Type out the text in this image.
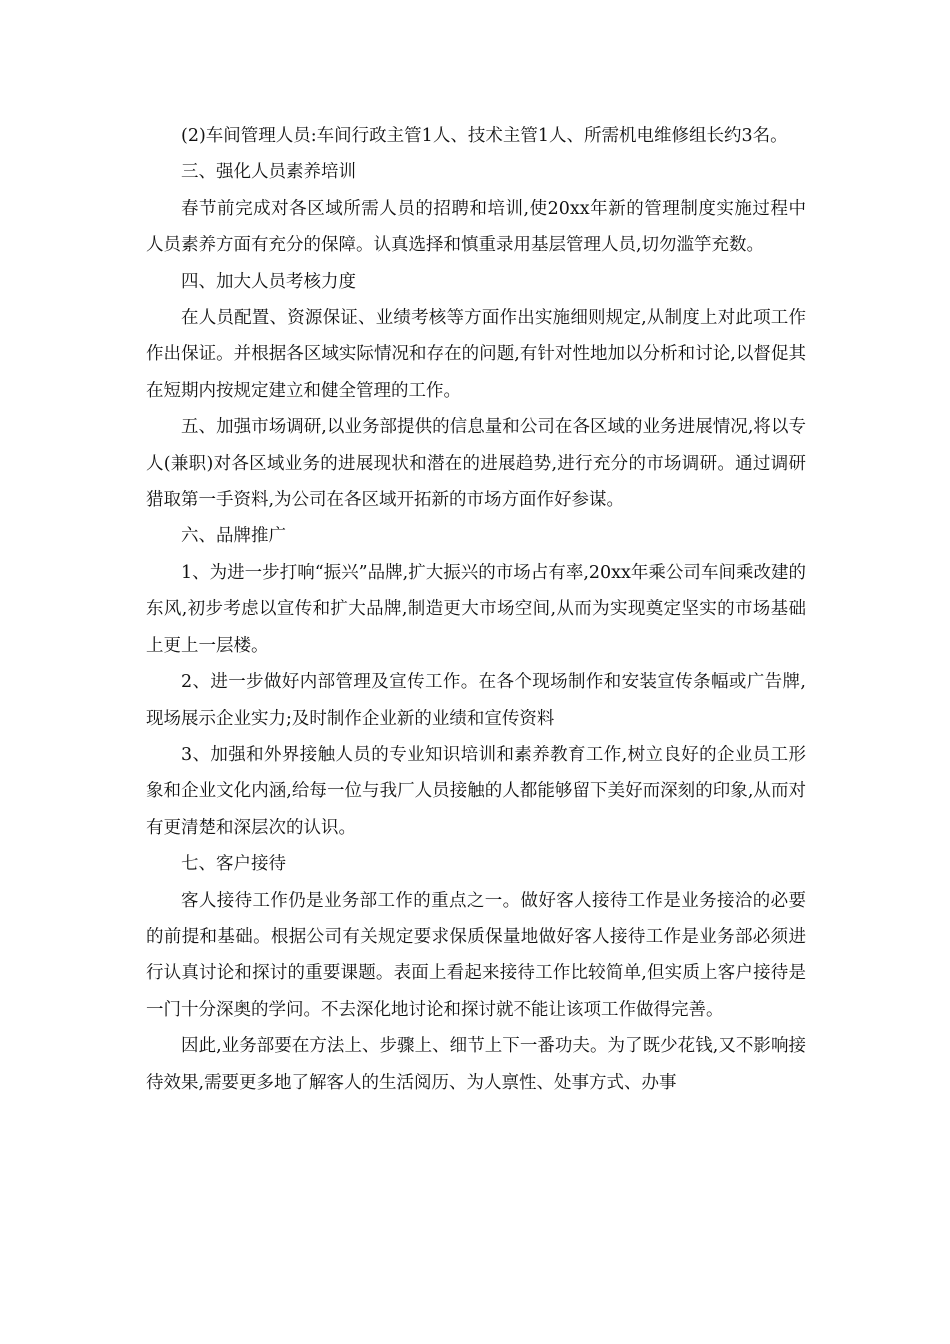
(2)车间管理人员:车间行政主管1人、技术主管1人、所需机电维修组长约3名。

三、强化人员素养培训

春节前完成对各区域所需人员的招聘和培训,使20xx年新的管理制度实施过程中人员素养方面有充分的保障。认真选择和慎重录用基层管理人员,切勿滥竽充数。

四、加大人员考核力度

在人员配置、资源保证、业绩考核等方面作出实施细则规定,从制度上对此项工作作出保证。并根据各区域实际情况和存在的问题,有针对性地加以分析和讨论,以督促其在短期内按规定建立和健全管理的工作。

五、加强市场调研,以业务部提供的信息量和公司在各区域的业务进展情况,将以专人(兼职)对各区域业务的进展现状和潜在的进展趋势,进行充分的市场调研。通过调研猎取第一手资料,为公司在各区域开拓新的市场方面作好参谋。

六、品牌推广

1、为进一步打响“振兴”品牌,扩大振兴的市场占有率,20xx年乘公司车间乘改建的东风,初步考虑以宣传和扩大品牌,制造更大市场空间,从而为实现奠定坚实的市场基础上更上一层楼。

2、进一步做好内部管理及宣传工作。在各个现场制作和安装宣传条幅或广告牌,现场展示企业实力;及时制作企业新的业绩和宣传资料

3、加强和外界接触人员的专业知识培训和素养教育工作,树立良好的企业员工形象和企业文化内涵,给每一位与我厂人员接触的人都能够留下美好而深刻的印象,从而对有更清楚和深层次的认识。

七、客户接待

客人接待工作仍是业务部工作的重点之一。做好客人接待工作是业务接洽的必要的前提和基础。根据公司有关规定要求保质保量地做好客人接待工作是业务部必须进行认真讨论和探讨的重要课题。表面上看起来接待工作比较简单,但实质上客户接待是一门十分深奥的学问。不去深化地讨论和探讨就不能让该项工作做得完善。

因此,业务部要在方法上、步骤上、细节上下一番功夫。为了既少花钱,又不影响接待效果,需要更多地了解客人的生活阅历、为人禀性、处事方式、办事
